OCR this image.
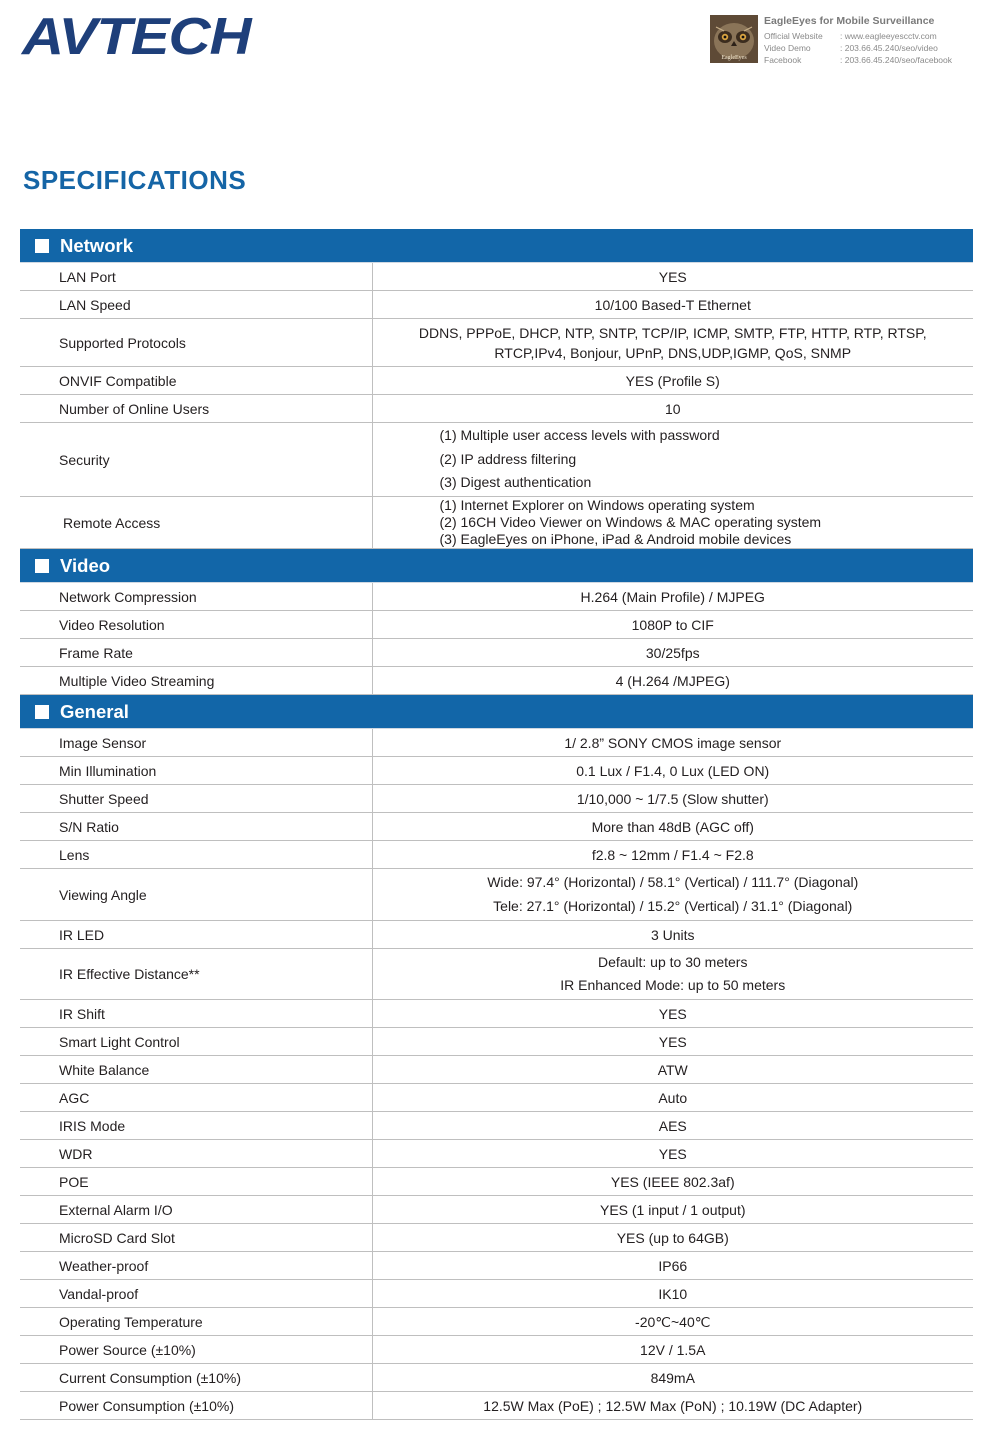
AVTECH	EagleEyes
EagleEyes for Mobile Surveillance
Official Website : www.eagleeyescctv.com
Video Demo	: 203.66.45.240/seo/video
Facebook	: 203.66.45.240/seo/facebook
SPECIFICATIONS
Network	
LAN Port	YES

LAN Speed	10/100 Based-T Ethernet

Supported Protocols	DDNS, PPPoE, DHCP, NTP, SNTP, TCP/IP, ICMP, SMTP, FTP, HTTP, RTP, RTSP,
RTCP,IPv4, Bonjour, UPnP, DNS,UDP,IGMP, QoS, SNMP

ONVIF Compatible	YES (Profile S)

Number of Online Users	10

Security	(1) Multiple user access levels with password
(2) IP address filtering
(3) Digest authentication

Remote Access	(1) Internet Explorer on Windows operating system
(2) 16CH Video Viewer on Windows & MAC operating system
(3) EagleEyes on iPhone, iPad & Android mobile devices

Video	
Network Compression	H.264 (Main Profile) / MJPEG

Video Resolution	1080P to CIF

Frame Rate	30/25fps

Multiple Video Streaming	4 (H.264 /MJPEG)

General	
Image Sensor	1/ 2.8” SONY CMOS image sensor

Min Illumination	0.1 Lux / F1.4, 0 Lux (LED ON)

Shutter Speed	1/10,000 ~ 1/7.5 (Slow shutter)

S/N Ratio	More than 48dB (AGC off)

Lens	f2.8 ~ 12mm / F1.4 ~ F2.8

Viewing Angle	Wide: 97.4° (Horizontal) / 58.1° (Vertical) / 111.7° (Diagonal)
Tele: 27.1° (Horizontal) / 15.2° (Vertical) / 31.1° (Diagonal)

IR LED	3 Units

IR Effective Distance**	Default: up to 30 meters
IR Enhanced Mode: up to 50 meters

IR Shift	YES

Smart Light Control	YES

White Balance	ATW

AGC	Auto

IRIS Mode	AES

WDR	YES

POE	YES (IEEE 802.3af)

External Alarm I/O	YES (1 input / 1 output)

MicroSD Card Slot	YES (up to 64GB)

Weather-proof	IP66

Vandal-proof	IK10

Operating Temperature	-20℃~40℃

Power Source (±10%)	12V / 1.5A

Current Consumption (±10%)	849mA

Power Consumption (±10%)	12.5W Max (PoE) ; 12.5W Max (PoN) ; 10.19W (DC Adapter)
